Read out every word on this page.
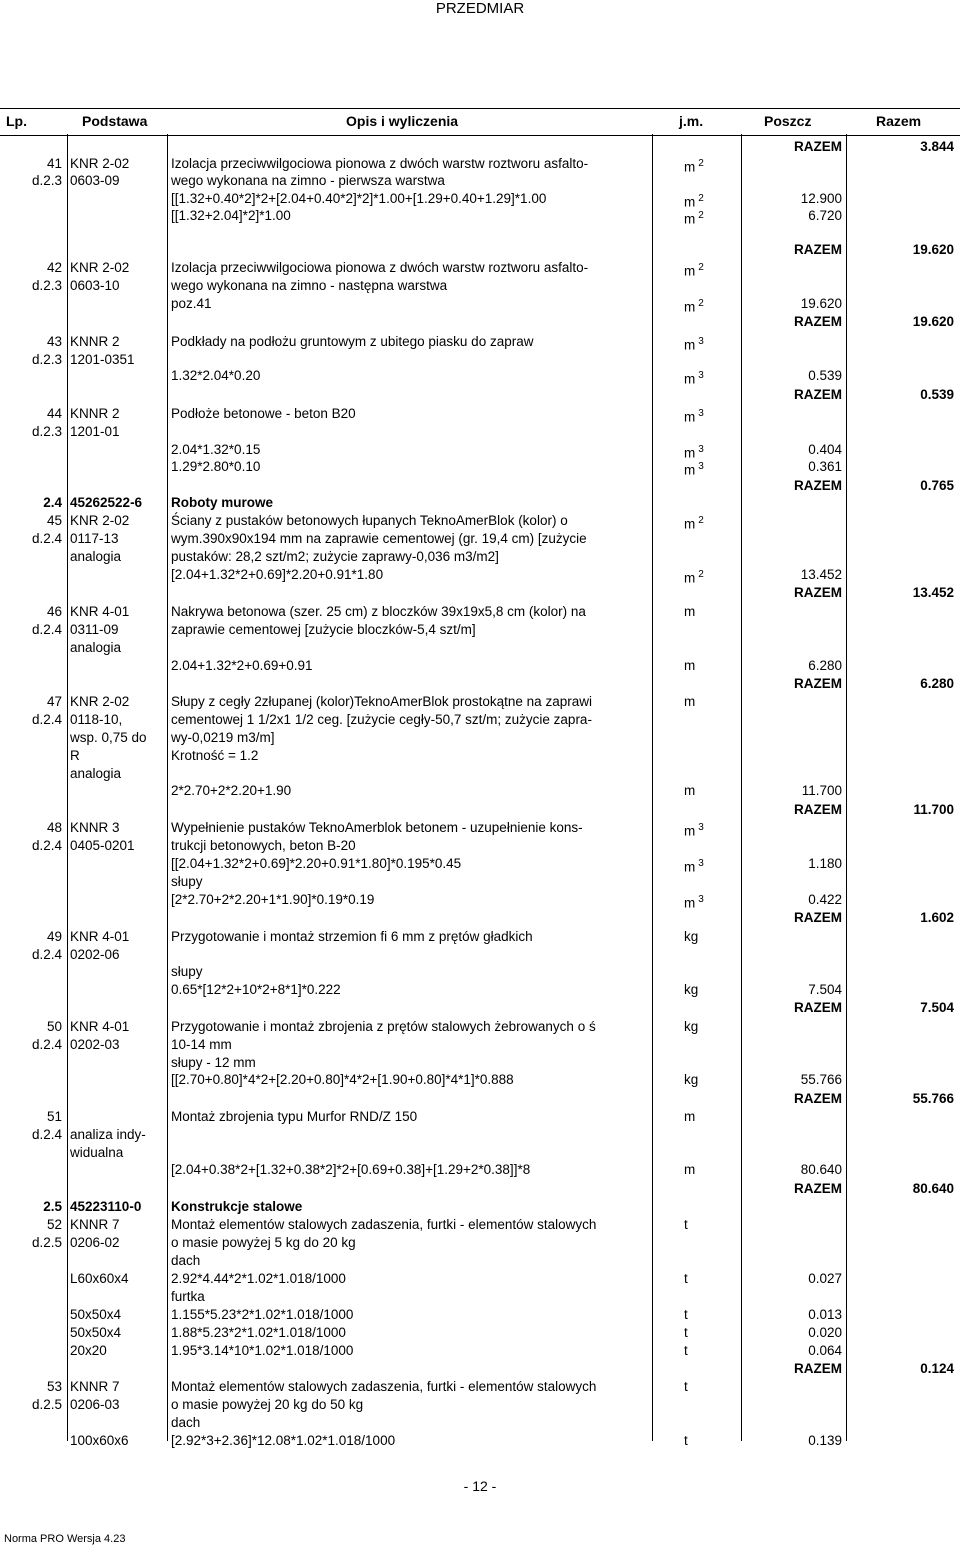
PRZEDMIAR
Lp.	Podstawa	Opis i wyliczenia	j.m.	Poszcz	Razem
RAZEM	3.844
41 KNR 2-02	Izolacja przeciwwilgociowa pionowa z dwóch warstw roztworu asfalto-	m $^2$
d.2.3 0603-09	wego wykonana na zimno - pierwsza warstwa
[[1.32+0.40*2]*2+[2.04+0.40*2]*2]*1.00+[1.29+0.40+1.29]*1.00	m $^2$	12.900
[[1.32+2.04]*2]*1.00	m $^2$	6.720
RAZEM	19.620
42 KNR 2-02	Izolacja przeciwwilgociowa pionowa z dwóch warstw roztworu asfalto-	m $^2$
d.2.3 0603-10	wego wykonana na zimno - następna warstwa
poz.41	m $^2$	19.620
RAZEM	19.620
43 KNNR 2	Podkłady na podłożu gruntowym z ubitego piasku do zapraw	m $^3$
d.2.3 1201-0351
1.32*2.04*0.20	m $^3$	0.539
RAZEM	0.539
44 KNNR 2	Podłoże betonowe - beton B20	m $^3$
d.2.3 1201-01
2.04*1.32*0.15	m $^3$	0.404
1.29*2.80*0.10	m $^3$	0.361
RAZEM	0.765
2.4 45262522-6	Roboty murowe
45 KNR 2-02	Ściany z pustaków betonowych łupanych TeknoAmerBlok (kolor) o	m $^2$
d.2.4 0117-13	wym.390x90x194 mm na zaprawie cementowej (gr. 19,4 cm) [zużycie
analogia	pustaków: 28,2 szt/m2; zużycie zaprawy-0,036 m3/m2]
[2.04+1.32*2+0.69]*2.20+0.91*1.80	m $^2$	13.452
RAZEM	13.452
46 KNR 4-01	Nakrywa betonowa (szer. 25 cm) z bloczków 39x19x5,8 cm (kolor) na	m
d.2.4 0311-09	zaprawie cementowej [zużycie bloczków-5,4 szt/m]
analogia
2.04+1.32*2+0.69+0.91	m	6.280
RAZEM	6.280
47 KNR 2-02	Słupy z cegły 2złupanej (kolor)TeknoAmerBlok prostokątne na zaprawi	m
d.2.4 0118-10,	cementowej 1 1/2x1 1/2 ceg. [zużycie cegły-50,7 szt/m; zużycie zapra-
wsp. 0,75 do	wy-0,0219 m3/m]
R	Krotność = 1.2
analogia
2*2.70+2*2.20+1.90	m	11.700
RAZEM	11.700
48 KNNR 3	Wypełnienie pustaków TeknoAmerblok betonem - uzupełnienie kons-	m $^3$
d.2.4 0405-0201	trukcji betonowych, beton B-20
[[2.04+1.32*2+0.69]*2.20+0.91*1.80]*0.195*0.45	m $^3$	1.180
słupy
[2*2.70+2*2.20+1*1.90]*0.19*0.19	m $^3$	0.422
RAZEM	1.602
49 KNR 4-01	Przygotowanie i montaż strzemion fi 6 mm z prętów gładkich	kg
d.2.4 0202-06
słupy
0.65*[12*2+10*2+8*1]*0.222	kg	7.504
RAZEM	7.504
50 KNR 4-01	Przygotowanie i montaż zbrojenia z prętów stalowych żebrowanych o ś	kg
d.2.4 0202-03	10-14 mm
słupy - 12 mm
[[2.70+0.80]*4*2+[2.20+0.80]*4*2+[1.90+0.80]*4*1]*0.888	kg	55.766
RAZEM	55.766
51	Montaż zbrojenia typu Murfor RND/Z 150	m
d.2.4 analiza indy-
widualna
[2.04+0.38*2+[1.32+0.38*2]*2+[0.69+0.38]+[1.29+2*0.38]]*8	m	80.640
RAZEM	80.640
2.5 45223110-0	Konstrukcje stalowe
52 KNNR 7	Montaż elementów stalowych zadaszenia, furtki - elementów stalowych	t
d.2.5 0206-02	o masie powyżej 5 kg do 20 kg
dach
L60x60x4	2.92*4.44*2*1.02*1.018/1000	t	0.027
furtka
50x50x4	1.155*5.23*2*1.02*1.018/1000	t	0.013
50x50x4	1.88*5.23*2*1.02*1.018/1000	t	0.020
20x20	1.95*3.14*10*1.02*1.018/1000	t	0.064
RAZEM	0.124
53 KNNR 7	Montaż elementów stalowych zadaszenia, furtki - elementów stalowych	t
d.2.5 0206-03	o masie powyżej 20 kg do 50 kg
dach
100x60x6	[2.92*3+2.36]*12.08*1.02*1.018/1000	t	0.139
- 12 -
Norma PRO Wersja 4.23
